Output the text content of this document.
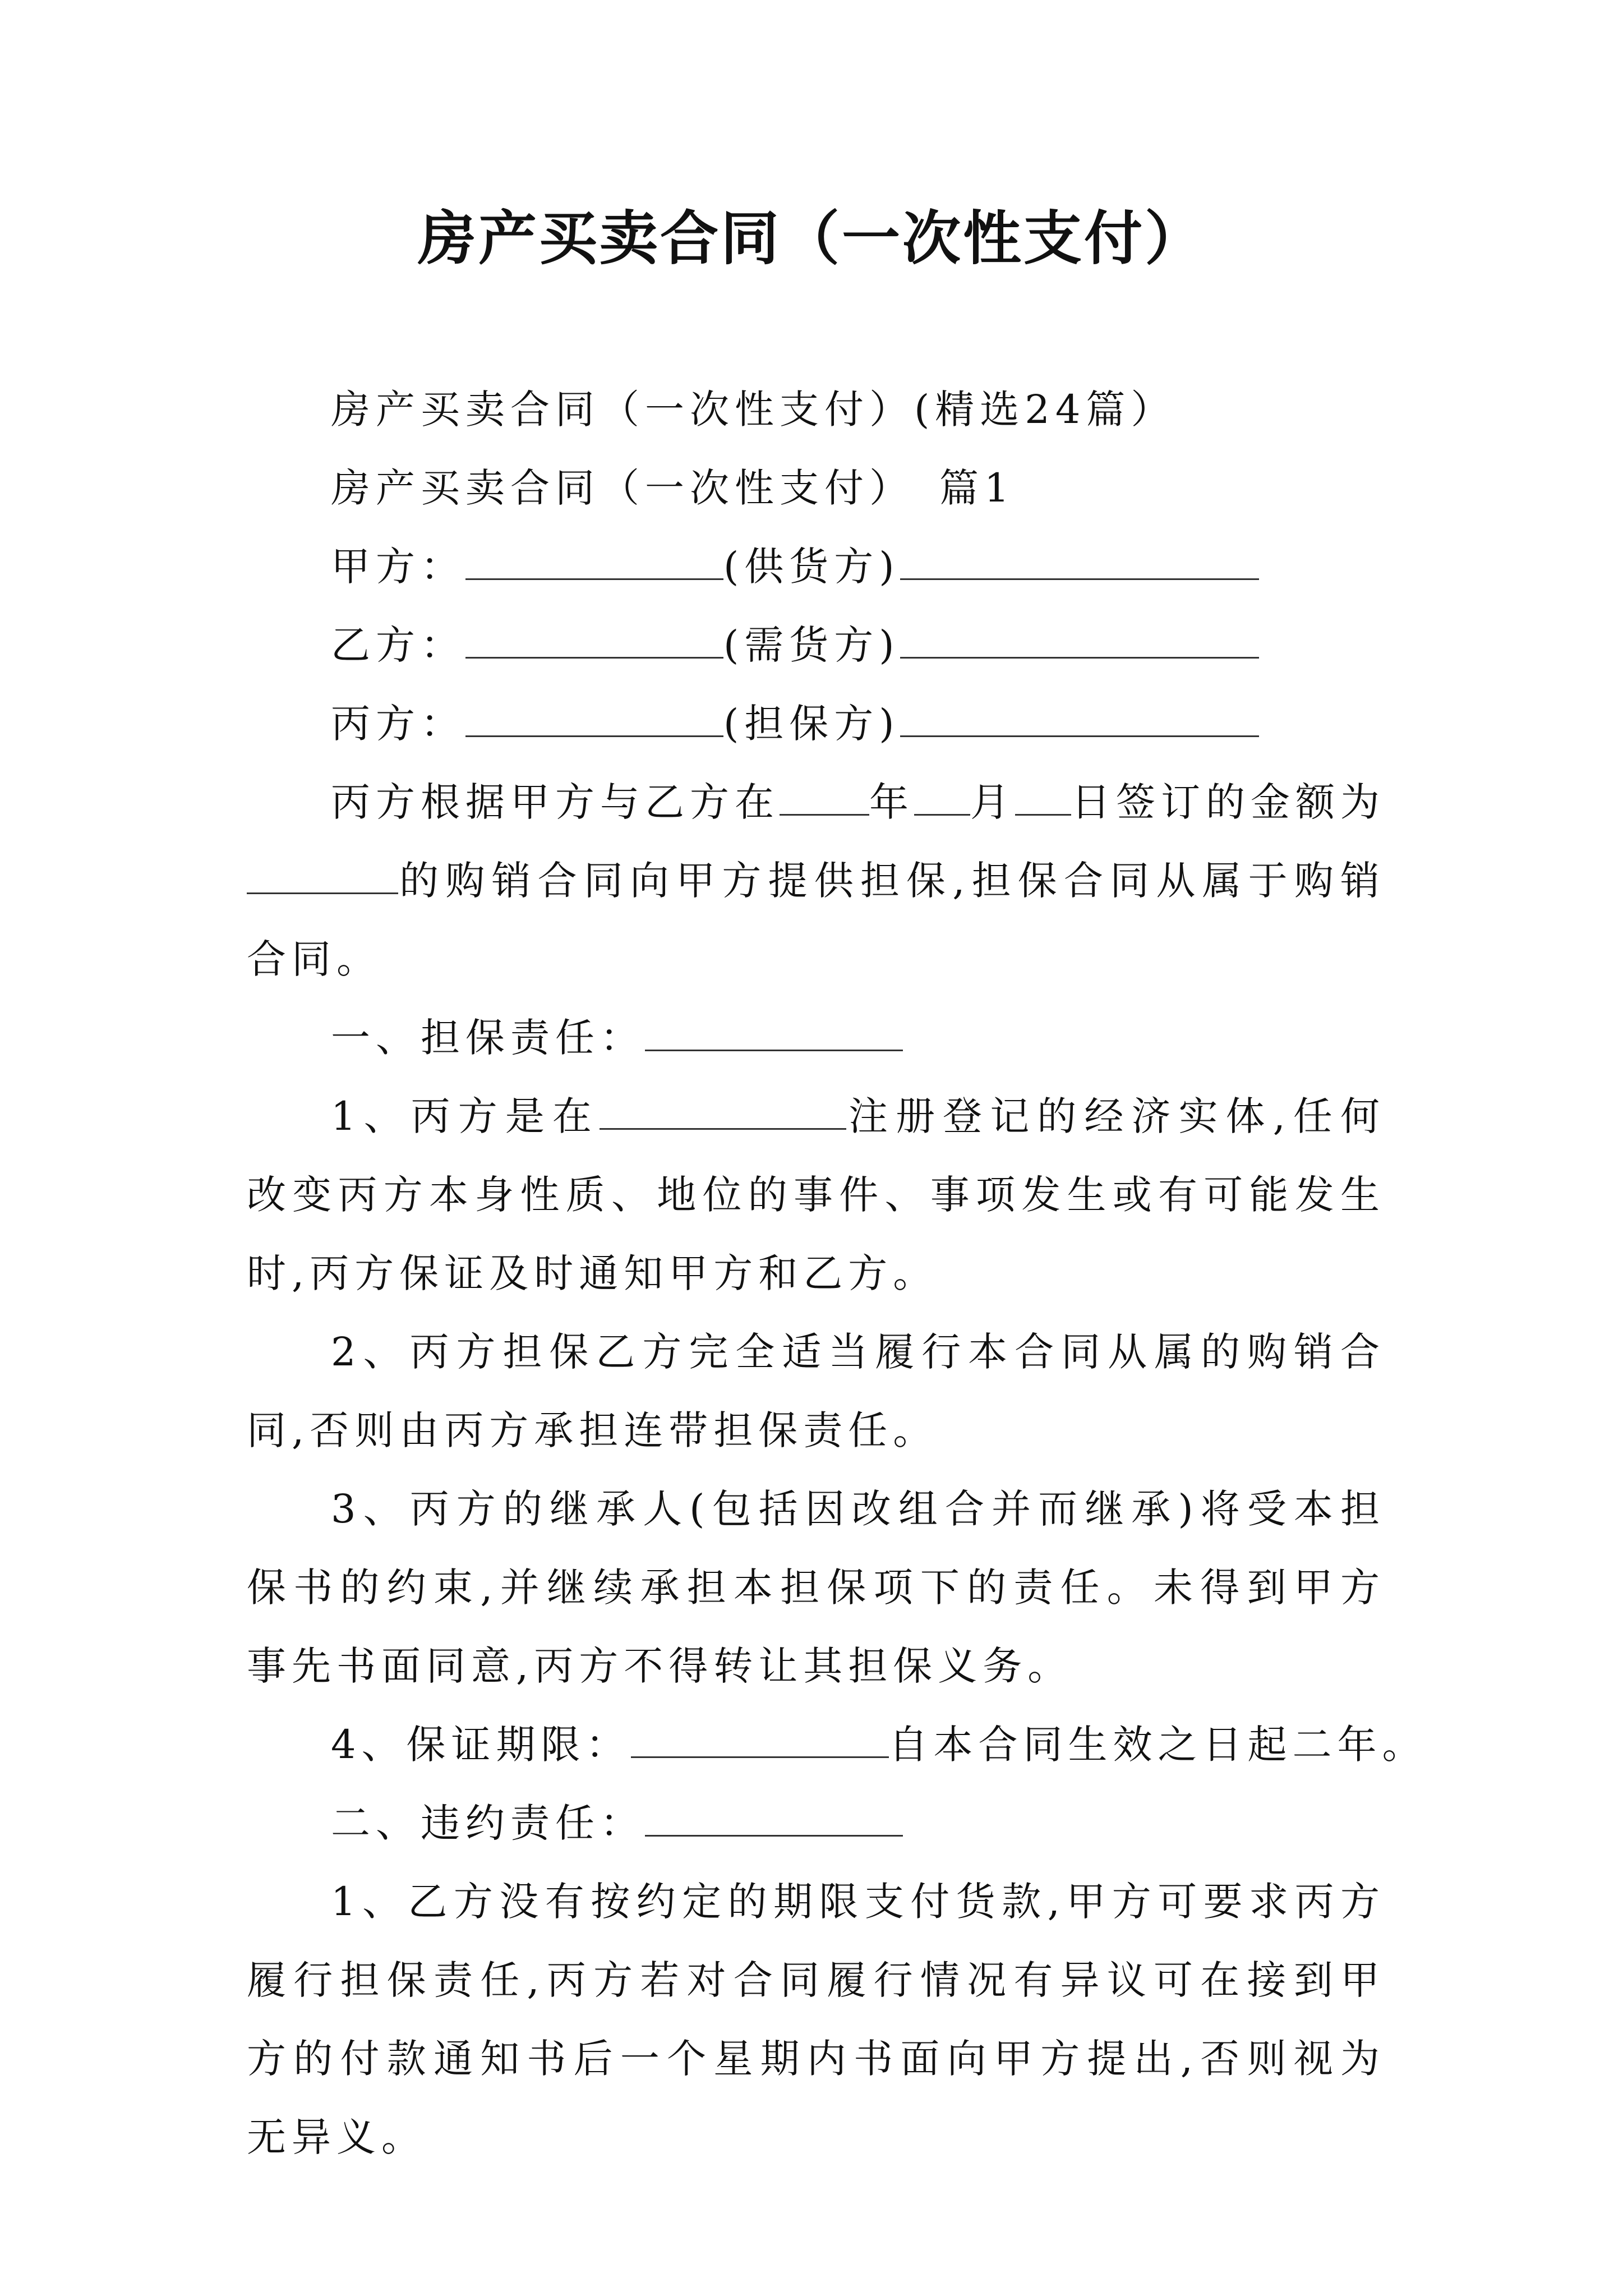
房产买卖合同（一次性支付）

房产买卖合同（一次性支付）(精选24篇）

房产买卖合同（一次性支付）　篇1

甲方：	(供货方)

乙方：	(需货方)

丙方：	(担保方)

丙方根据甲方与乙方在 年 月 日签订的金额为的购销合同向甲方提供担保,担保合同从属于购销合同。

一、担保责任：

1、丙方是在	注册登记的经济实体,任何改变丙方本身性质、地位的事件、事项发生或有可能发生时,丙方保证及时通知甲方和乙方。

2、丙方担保乙方完全适当履行本合同从属的购销合同,否则由丙方承担连带担保责任。

3、丙方的继承人(包括因改组合并而继承)将受本担保书的约束,并继续承担本担保项下的责任。未得到甲方事先书面同意,丙方不得转让其担保义务。

4、保证期限：	自本合同生效之日起二年。

二、违约责任：

1、乙方没有按约定的期限支付货款,甲方可要求丙方履行担保责任,丙方若对合同履行情况有异议可在接到甲方的付款通知书后一个星期内书面向甲方提出,否则视为无异义。
